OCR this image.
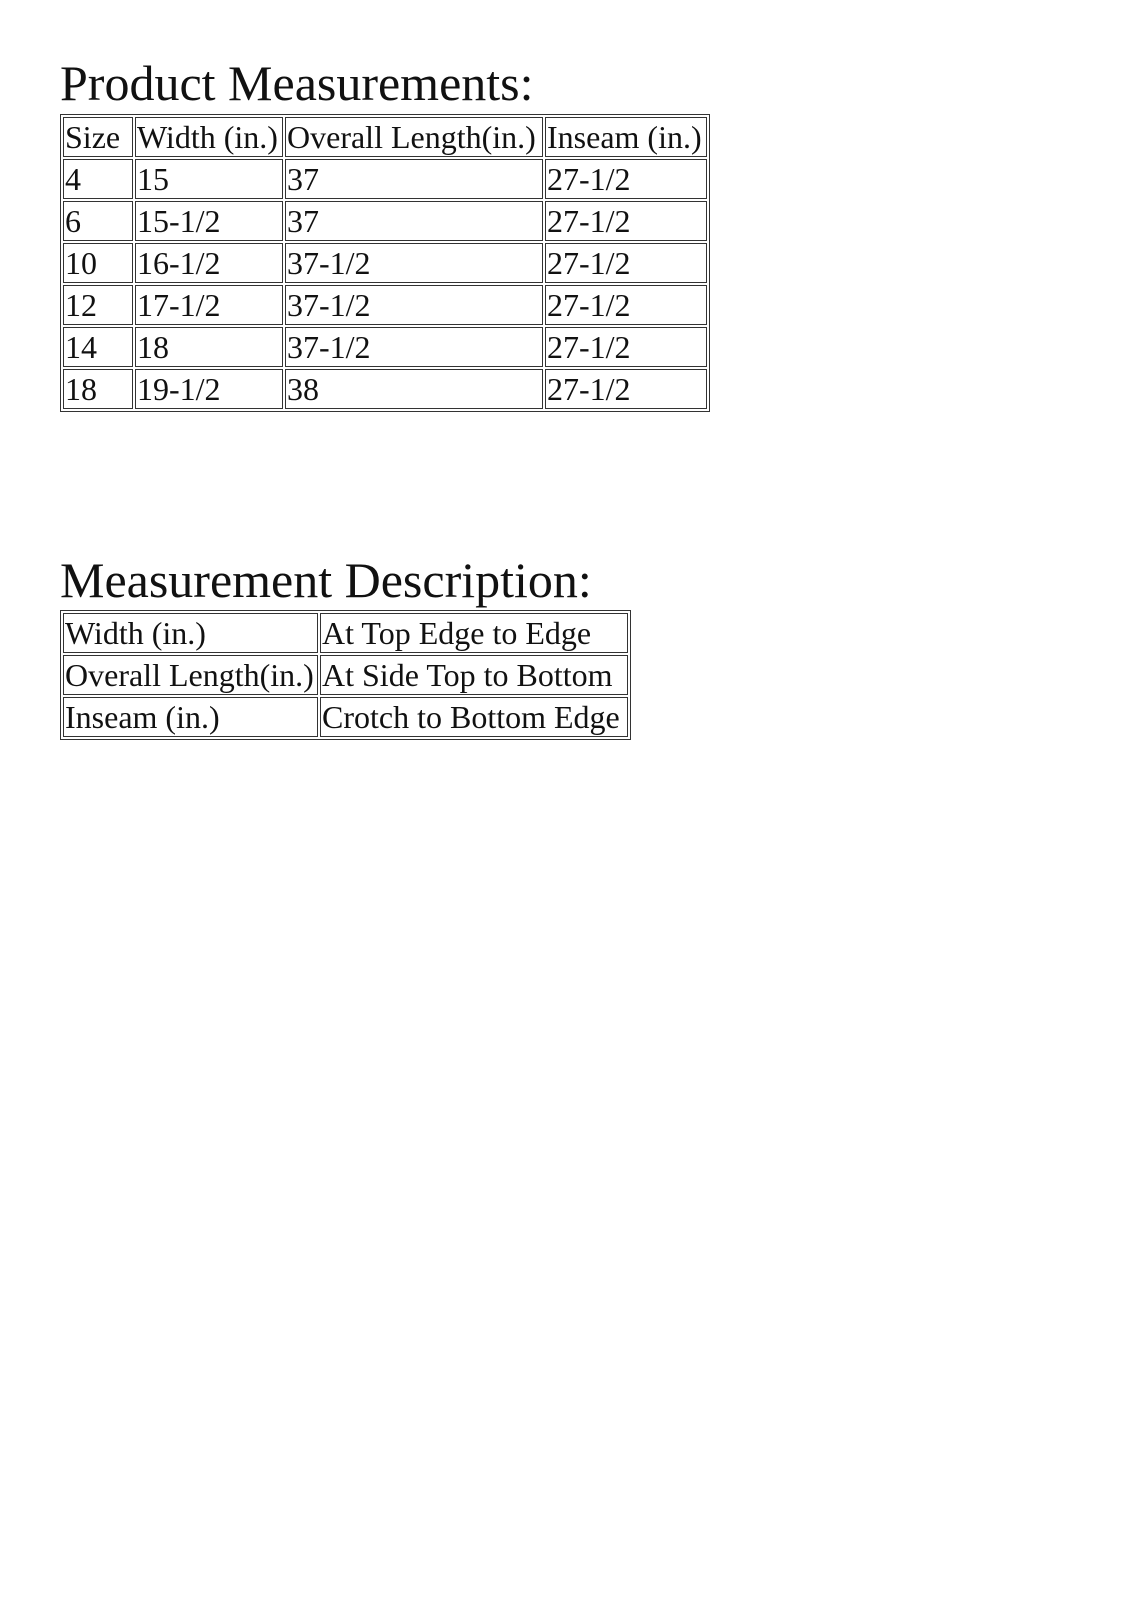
Product Measurements:
Size	Width (in.)	Overall Length(in.)	Inseam (in.)
4	15	37	27-1/2
6	15-1/2	37	27-1/2
10	16-1/2	37-1/2	27-1/2
12	17-1/2	37-1/2	27-1/2
14	18	37-1/2	27-1/2
18	19-1/2	38	27-1/2
Measurement Description:
Width (in.)	At Top Edge to Edge
Overall Length(in.)	At Side Top to Bottom
Inseam (in.)	Crotch to Bottom Edge
